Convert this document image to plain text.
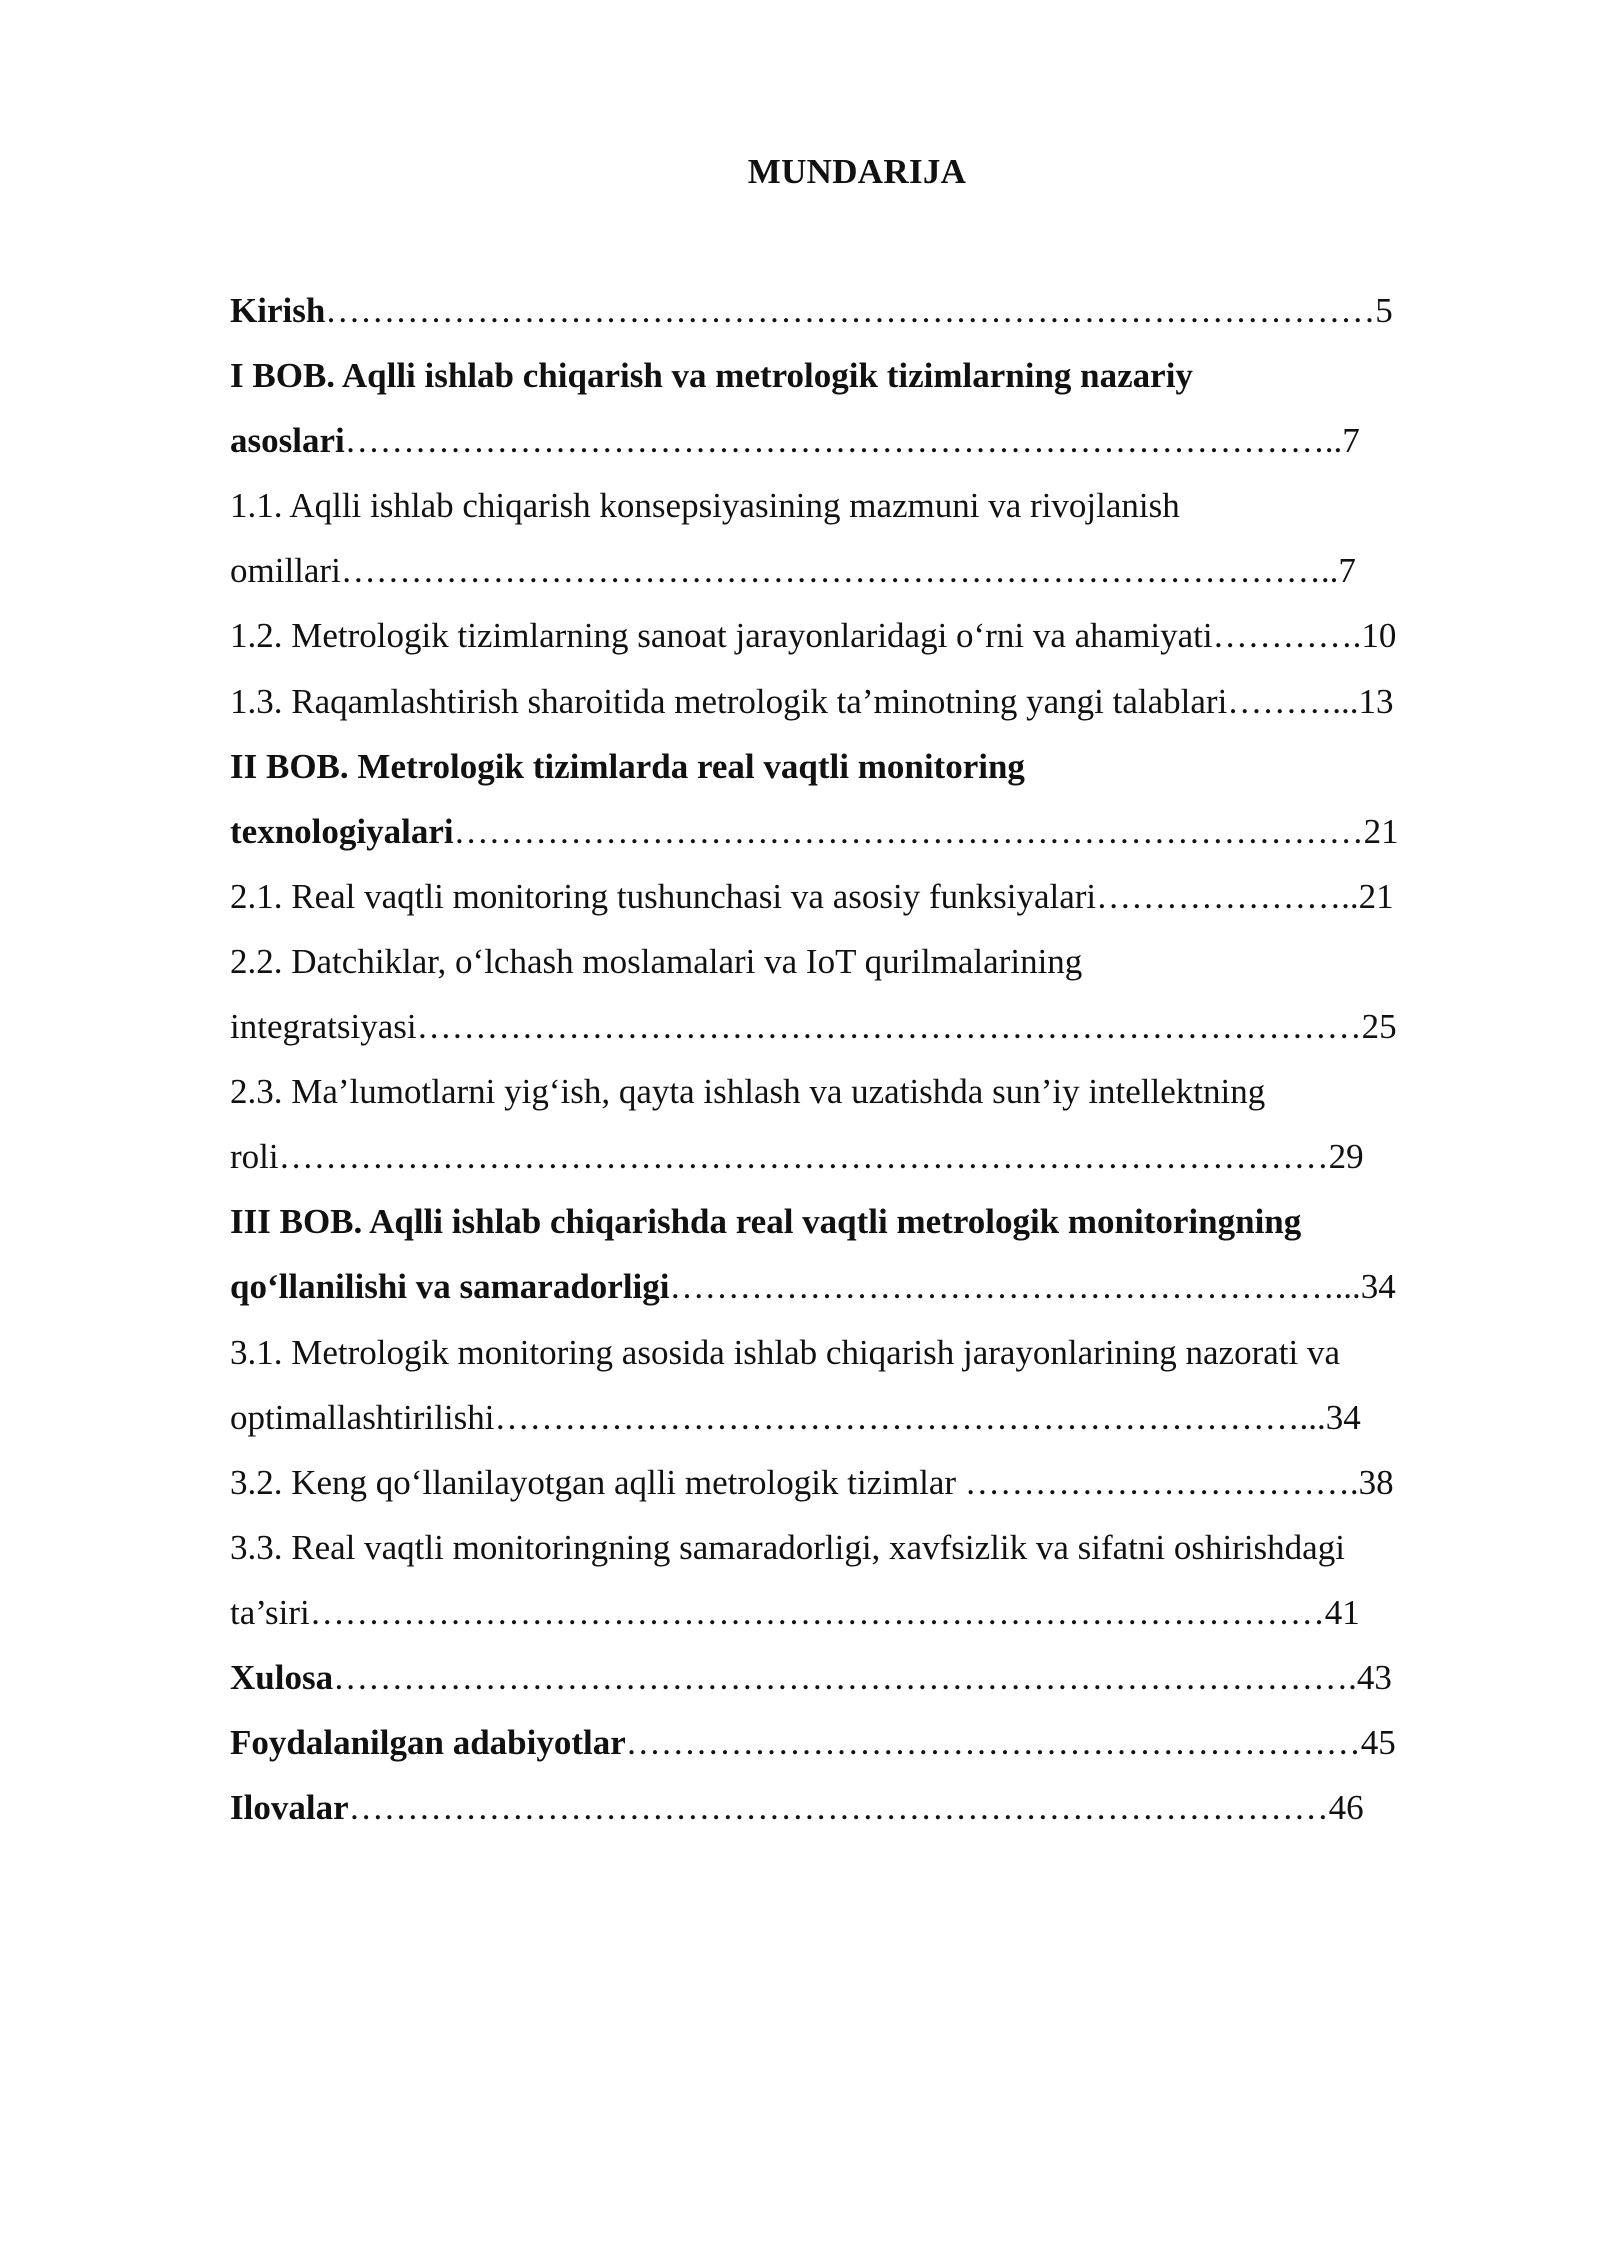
MUNDARIJA
Kirish………………………………………………………………………………5
I BOB. Aqlli ishlab chiqarish va metrologik tizimlarning nazariy
asoslari…………………………………………………………………………..7
1.1. Aqlli ishlab chiqarish konsepsiyasining mazmuni va rivojlanish
omillari…………………………………………………………………………..7
1.2. Metrologik tizimlarning sanoat jarayonlaridagi o‘rni va ahamiyati………….10
1.3. Raqamlashtirish sharoitida metrologik ta’minotning yangi talablari………...13
II BOB. Metrologik tizimlarda real vaqtli monitoring
texnologiyalari……………………………………………………………………21
2.1. Real vaqtli monitoring tushunchasi va asosiy funksiyalari…………………..21
2.2. Datchiklar, o‘lchash moslamalari va IoT qurilmalarining
integratsiyasi………………………………………………………………………25
2.3. Ma’lumotlarni yig‘ish, qayta ishlash va uzatishda sun’iy intellektning
roli………………………………………………………………………………29
III BOB. Aqlli ishlab chiqarishda real vaqtli metrologik monitoringning
qo‘llanilishi va samaradorligi…………………………………………………...34
3.1. Metrologik monitoring asosida ishlab chiqarish jarayonlarining nazorati va
optimallashtirilishi……………………………………………………………...34
3.2. Keng qo‘llanilayotgan aqlli metrologik tizimlar …………………………….38
3.3. Real vaqtli monitoringning samaradorligi, xavfsizlik va sifatni oshirishdagi
ta’siri……………………………………………………………………………41
Xulosa…………………………………………………………………………….43
Foydalanilgan adabiyotlar………………………………………………………45
Ilovalar…………………………………………………………………………46
